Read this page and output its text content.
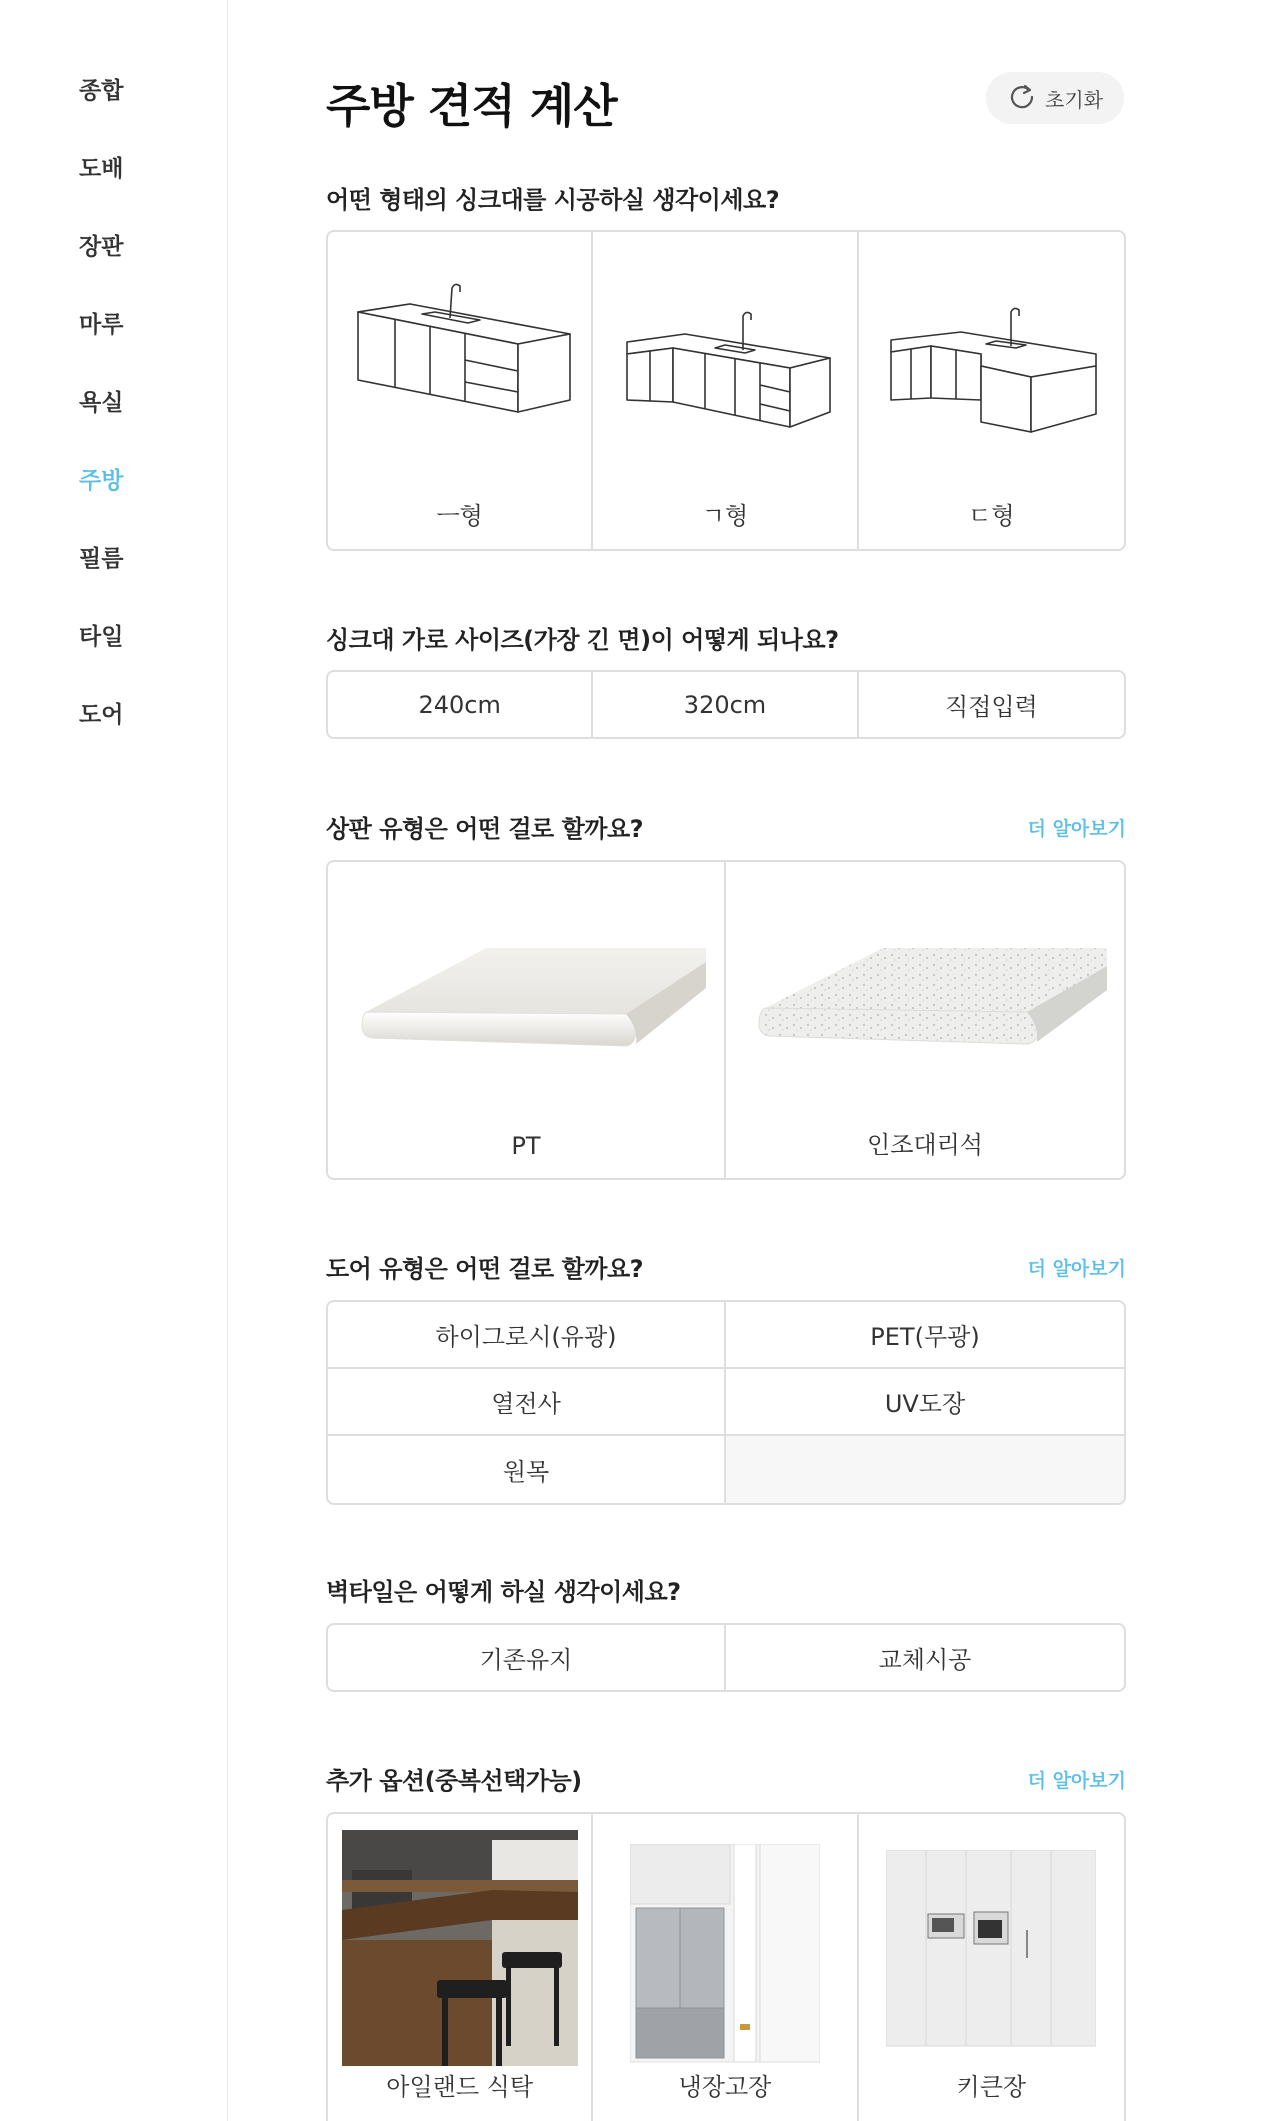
종합
도배
장판
마루
욕실
주방
필름
타일
도어
주방 견적 계산	초기화
어떤 형태의 싱크대를 시공하실 생각이세요?
ㅡ형	ㄱ형	ㄷ형
싱크대 가로 사이즈(가장 긴 면)이 어떻게 되나요?
240cm	320cm	직접입력
상판 유형은 어떤 걸로 할까요?	더 알아보기
PT	인조대리석
도어 유형은 어떤 걸로 할까요?	더 알아보기
하이그로시(유광)	PET(무광)
열전사	UV도장
원목
벽타일은 어떻게 하실 생각이세요?
기존유지	교체시공
추가 옵션(중복선택가능)	더 알아보기
아일랜드 식탁	냉장고장	키큰장
